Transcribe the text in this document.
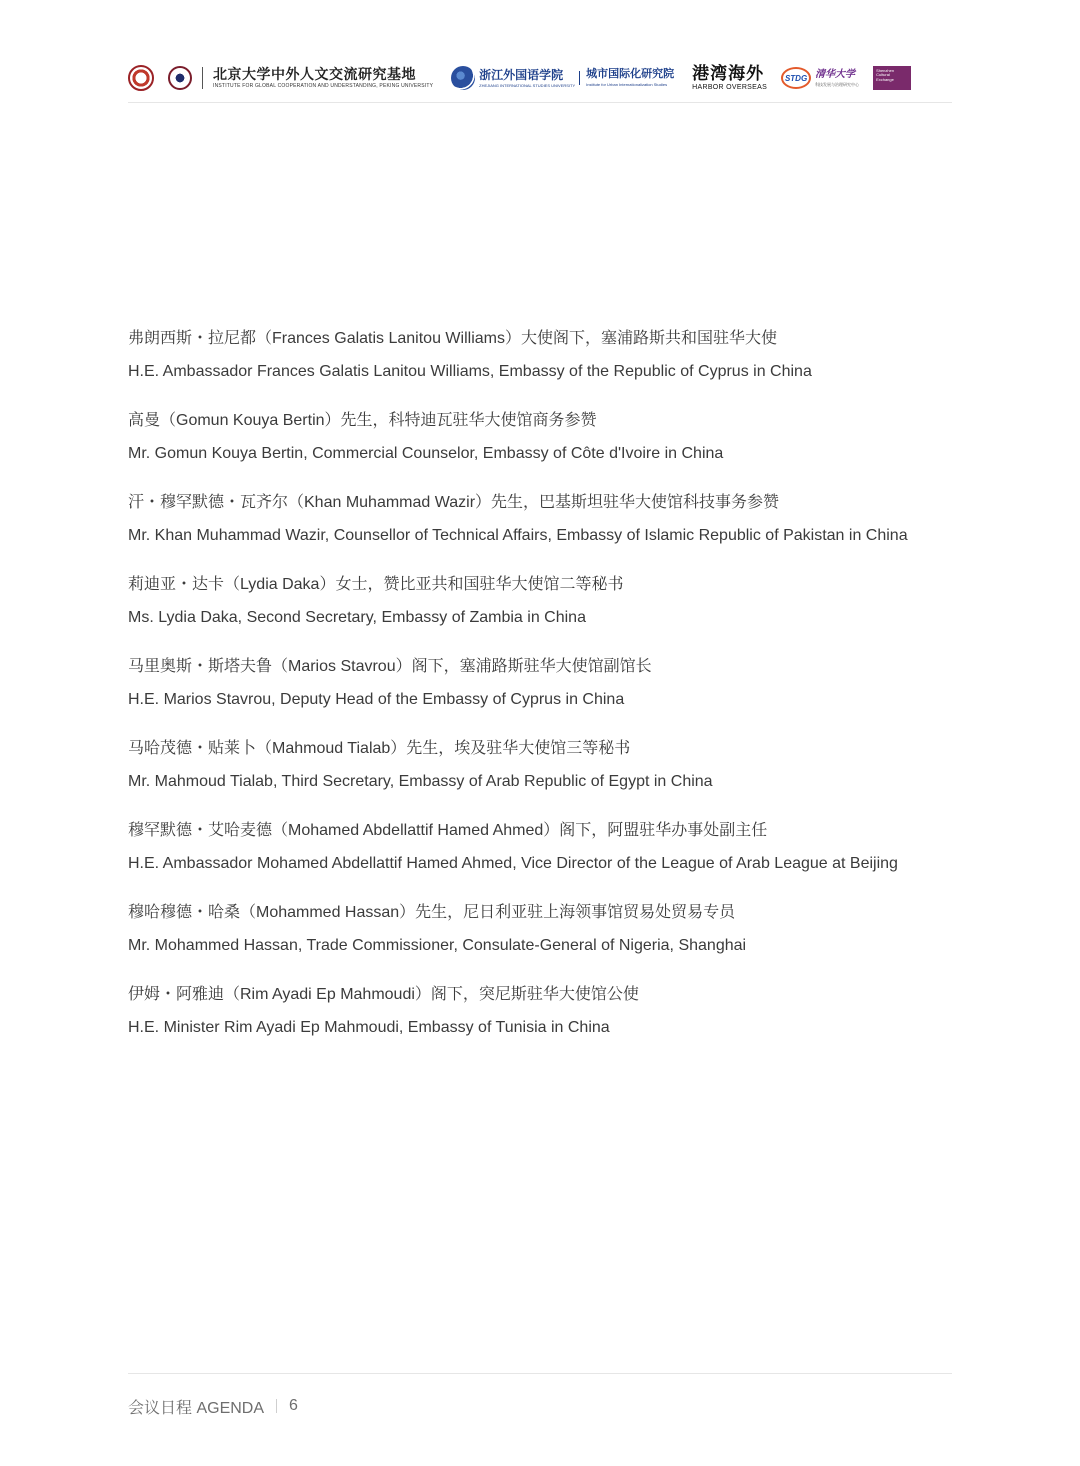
北京大学中外人文交流研究基地
INSTITUTE FOR GLOBAL COOPERATION AND UNDERSTANDING, PEKING UNIVERSITY
浙江外国语学院
ZHEJIANG INTERNATIONAL STUDIES UNIVERSITY
城市国际化研究院
Institute for Urban Internationalization Studies
港湾海外
HARBOR OVERSEAS
STDG 清华大学
科技发展与治理研究中心
Shenzhen Cultural Exchange

弗朗西斯・拉尼都（Frances Galatis Lanitou Williams）大使阁下，塞浦路斯共和国驻华大使

H.E. Ambassador Frances Galatis Lanitou Williams, Embassy of the Republic of Cyprus in China

高曼（Gomun Kouya Bertin）先生，科特迪瓦驻华大使馆商务参赞

Mr. Gomun Kouya Bertin, Commercial Counselor, Embassy of Côte d'Ivoire in China

汗・穆罕默德・瓦齐尔（Khan Muhammad Wazir）先生，巴基斯坦驻华大使馆科技事务参赞

Mr. Khan Muhammad Wazir, Counsellor of Technical Affairs, Embassy of Islamic Republic of Pakistan in China

莉迪亚・达卡（Lydia Daka）女士，赞比亚共和国驻华大使馆二等秘书

Ms. Lydia Daka, Second Secretary, Embassy of Zambia in China

马里奥斯・斯塔夫鲁（Marios Stavrou）阁下，塞浦路斯驻华大使馆副馆长

H.E. Marios Stavrou, Deputy Head of the Embassy of Cyprus in China

马哈茂德・贴莱卜（Mahmoud Tialab）先生，埃及驻华大使馆三等秘书

Mr. Mahmoud Tialab, Third Secretary, Embassy of Arab Republic of Egypt in China

穆罕默德・艾哈麦德（Mohamed Abdellattif Hamed Ahmed）阁下，阿盟驻华办事处副主任

H.E. Ambassador Mohamed Abdellattif Hamed Ahmed, Vice Director of the League of Arab League at Beijing

穆哈穆德・哈桑（Mohammed Hassan）先生，尼日利亚驻上海领事馆贸易处贸易专员

Mr. Mohammed Hassan, Trade Commissioner, Consulate-General of Nigeria, Shanghai

伊姆・阿雅迪（Rim Ayadi Ep Mahmoudi）阁下，突尼斯驻华大使馆公使

H.E. Minister Rim Ayadi Ep Mahmoudi, Embassy of Tunisia in China

会议日程 AGENDA 6
